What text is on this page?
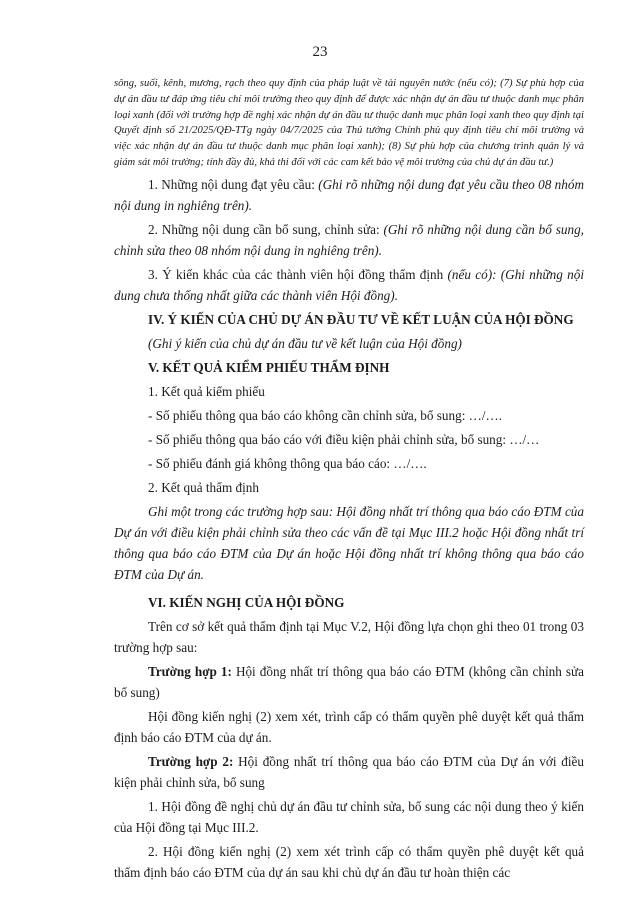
23

sông, suối, kênh, mương, rạch theo quy định của pháp luật về tài nguyên nước (nếu có); (7) Sự phù hợp của dự án đầu tư đáp ứng tiêu chí môi trường theo quy định để được xác nhận dự án đầu tư thuộc danh mục phân loại xanh (đối với trường hợp đề nghị xác nhận dự án đầu tư thuộc danh mục phân loại xanh theo quy định tại Quyết định số 21/2025/QĐ-TTg ngày 04/7/2025 của Thủ tướng Chính phủ quy định tiêu chí môi trường và việc xác nhận dự án đầu tư thuộc danh mục phân loại xanh); (8) Sự phù hợp của chương trình quản lý và giám sát môi trường; tính đầy đủ, khả thi đối với các cam kết bảo vệ môi trường của chủ dự án đầu tư.)

1. Những nội dung đạt yêu cầu: (Ghi rõ những nội dung đạt yêu cầu theo 08 nhóm nội dung in nghiêng trên).

2. Những nội dung cần bổ sung, chỉnh sửa: (Ghi rõ những nội dung cần bổ sung, chỉnh sửa theo 08 nhóm nội dung in nghiêng trên).

3. Ý kiến khác của các thành viên hội đồng thẩm định (nếu có): (Ghi những nội dung chưa thống nhất giữa các thành viên Hội đồng).

IV. Ý KIẾN CỦA CHỦ DỰ ÁN ĐẦU TƯ VỀ KẾT LUẬN CỦA HỘI ĐỒNG

(Ghi ý kiến của chủ dự án đầu tư về kết luận của Hội đồng)

V. KẾT QUẢ KIỂM PHIẾU THẨM ĐỊNH

1. Kết quả kiểm phiếu

- Số phiếu thông qua báo cáo không cần chỉnh sửa, bổ sung: …/….

- Số phiếu thông qua báo cáo với điều kiện phải chỉnh sửa, bổ sung: …/…

- Số phiếu đánh giá không thông qua báo cáo: …/….

2. Kết quả thẩm định

Ghi một trong các trường hợp sau: Hội đồng nhất trí thông qua báo cáo ĐTM của Dự án với điều kiện phải chỉnh sửa theo các vấn đề tại Mục III.2 hoặc Hội đồng nhất trí thông qua báo cáo ĐTM của Dự án hoặc Hội đồng nhất trí không thông qua báo cáo ĐTM của Dự án.

VI. KIẾN NGHỊ CỦA HỘI ĐỒNG

Trên cơ sở kết quả thẩm định tại Mục V.2, Hội đồng lựa chọn ghi theo 01 trong 03 trường hợp sau:

Trường hợp 1: Hội đồng nhất trí thông qua báo cáo ĐTM (không cần chỉnh sửa bổ sung)

Hội đồng kiến nghị (2) xem xét, trình cấp có thẩm quyền phê duyệt kết quả thẩm định báo cáo ĐTM của dự án.

Trường hợp 2: Hội đồng nhất trí thông qua báo cáo ĐTM của Dự án với điều kiện phải chỉnh sửa, bổ sung

1. Hội đồng đề nghị chủ dự án đầu tư chỉnh sửa, bổ sung các nội dung theo ý kiến của Hội đồng tại Mục III.2.

2. Hội đồng kiến nghị (2) xem xét trình cấp có thẩm quyền phê duyệt kết quả thẩm định báo cáo ĐTM của dự án sau khi chủ dự án đầu tư hoàn thiện các
